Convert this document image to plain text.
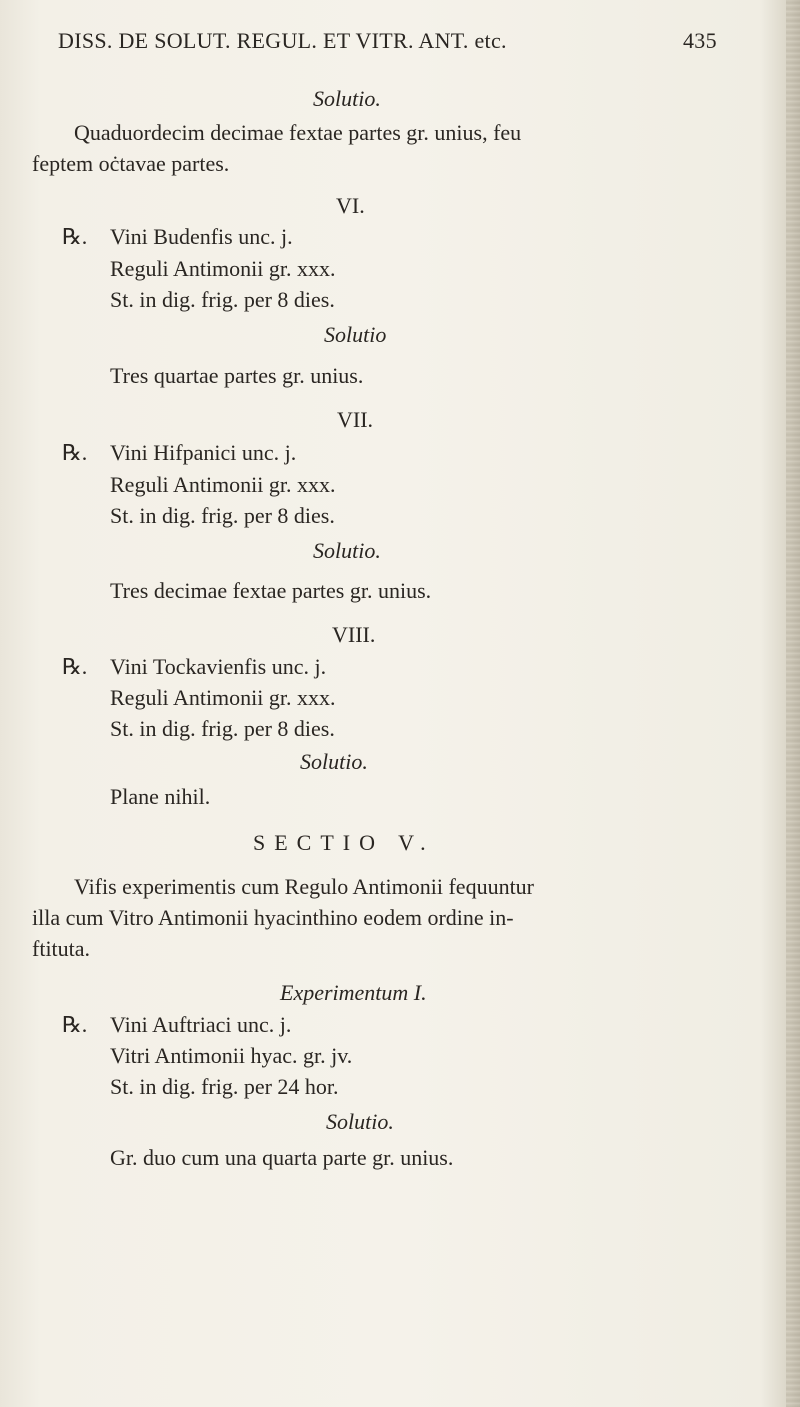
DISS. DE SOLUT. REGUL. ET VITR. ANT. etc.	435
Solutio.
Quaduordecim decimae fextae partes gr. unius, feu
feptem oċtavae partes.
VI.
℞. Vini Budenfis unc. j.
Reguli Antimonii gr. xxx.
St. in dig. frig. per 8 dies.
Solutio
Tres quartae partes gr. unius.
VII.
℞. Vini Hifpanici unc. j.
Reguli Antimonii gr. xxx.
St. in dig. frig. per 8 dies.
Solutio.
Tres decimae fextae partes gr. unius.
VIII.
℞. Vini Tockavienfis unc. j.
Reguli Antimonii gr. xxx.
St. in dig. frig. per 8 dies.
Solutio.
Plane nihil.
SECTIO V.
Vifis experimentis cum Regulo Antimonii fequuntur
illa cum Vitro Antimonii hyacinthino eodem ordine in-
ftituta.
Experimentum I.
℞. Vini Auftriaci unc. j.
Vitri Antimonii hyac. gr. jv.
St. in dig. frig. per 24 hor.
Solutio.
Gr. duo cum una quarta parte gr. unius.
